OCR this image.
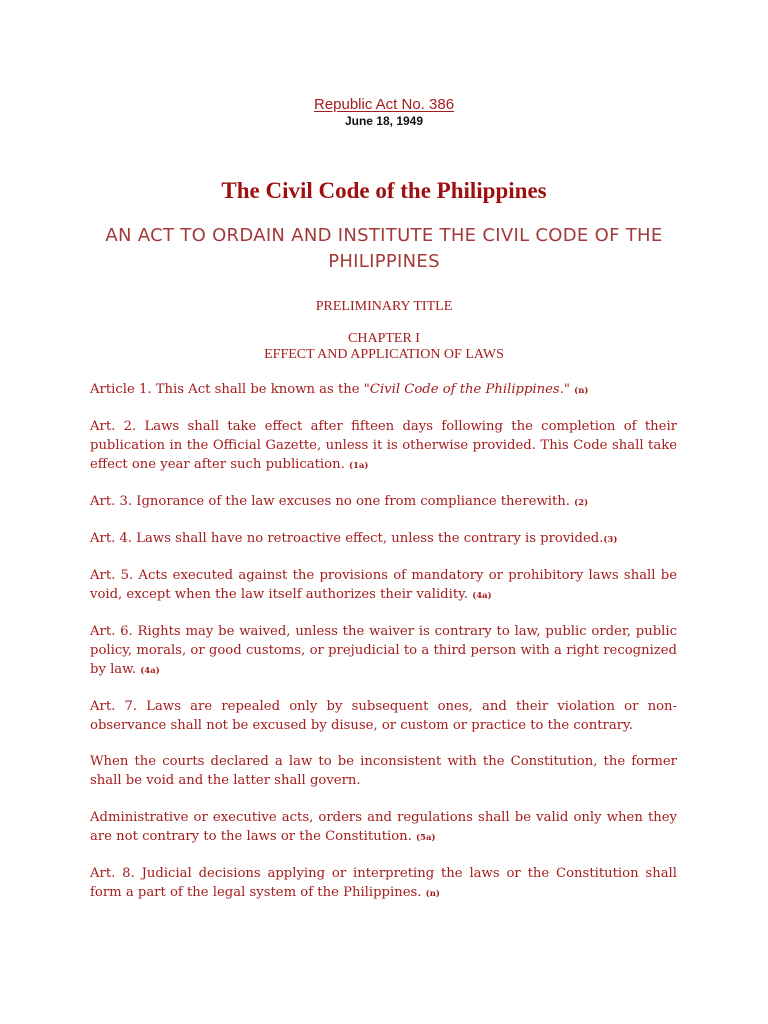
Republic Act No. 386
June 18, 1949
The Civil Code of the Philippines
AN ACT TO ORDAIN AND INSTITUTE THE CIVIL CODE OF THE PHILIPPINES
PRELIMINARY TITLE
CHAPTER I
EFFECT AND APPLICATION OF LAWS

Article 1. This Act shall be known as the "Civil Code of the Philippines." (n)

Art. 2. Laws shall take effect after fifteen days following the completion of their publication in the Official Gazette, unless it is otherwise provided. This Code shall take effect one year after such publication. (1a)

Art. 3. Ignorance of the law excuses no one from compliance therewith. (2)

Art. 4. Laws shall have no retroactive effect, unless the contrary is provided.(3)

Art. 5. Acts executed against the provisions of mandatory or prohibitory laws shall be void, except when the law itself authorizes their validity. (4a)

Art. 6. Rights may be waived, unless the waiver is contrary to law, public order, public policy, morals, or good customs, or prejudicial to a third person with a right recognized by law. (4a)

Art. 7. Laws are repealed only by subsequent ones, and their violation or non-observance shall not be excused by disuse, or custom or practice to the contrary.

When the courts declared a law to be inconsistent with the Constitution, the former shall be void and the latter shall govern.

Administrative or executive acts, orders and regulations shall be valid only when they are not contrary to the laws or the Constitution. (5a)

Art. 8. Judicial decisions applying or interpreting the laws or the Constitution shall form a part of the legal system of the Philippines. (n)
